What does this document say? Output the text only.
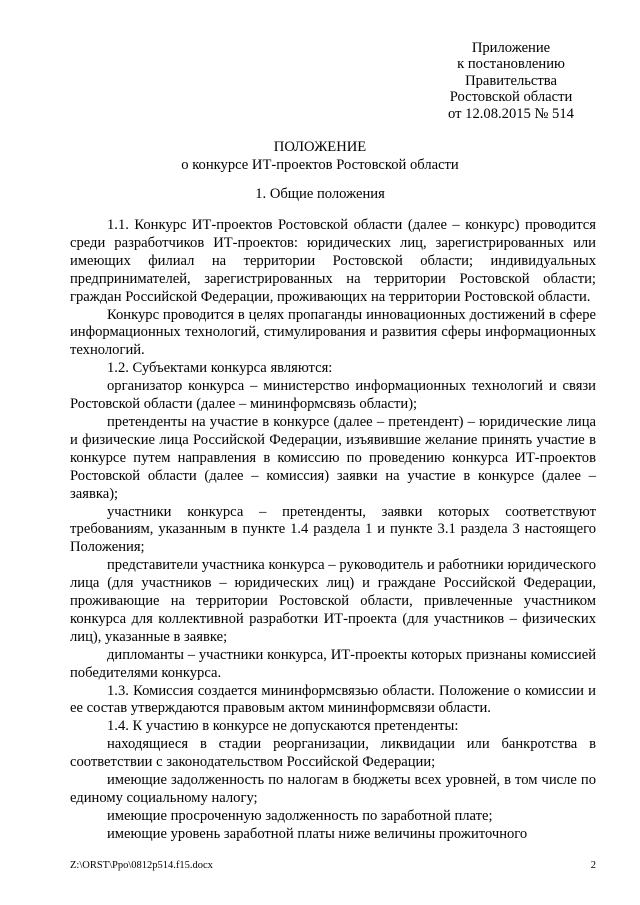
Приложение
к постановлению
Правительства
Ростовской области
от 12.08.2015 № 514
ПОЛОЖЕНИЕ
о конкурсе ИТ-проектов Ростовской области
1. Общие положения

1.1. Конкурс ИТ-проектов Ростовской области (далее – конкурс) проводится среди разработчиков ИТ-проектов: юридических лиц, зарегистрированных или имеющих филиал на территории Ростовской области; индивидуальных предпринимателей, зарегистрированных на территории Ростовской области; граждан Российской Федерации, проживающих на территории Ростовской области.

Конкурс проводится в целях пропаганды инновационных достижений в сфере информационных технологий, стимулирования и развития сферы информационных технологий.

1.2. Субъектами конкурса являются:

организатор конкурса – министерство информационных технологий и связи Ростовской области (далее – мининформсвязь области);

претенденты на участие в конкурсе (далее – претендент) – юридические лица и физические лица Российской Федерации, изъявившие желание принять участие в конкурсе путем направления в комиссию по проведению конкурса ИТ-проектов Ростовской области (далее – комиссия) заявки на участие в конкурсе (далее – заявка);

участники конкурса – претенденты, заявки которых соответствуют требованиям, указанным в пункте 1.4 раздела 1 и пункте 3.1 раздела 3 настоящего Положения;

представители участника конкурса – руководитель и работники юридического лица (для участников – юридических лиц) и граждане Российской Федерации, проживающие на территории Ростовской области, привлеченные участником конкурса для коллективной разработки ИТ-проекта (для участников – физических лиц), указанные в заявке;

дипломанты – участники конкурса, ИТ-проекты которых признаны комиссией победителями конкурса.

1.3. Комиссия создается мининформсвязью области. Положение о комиссии и ее состав утверждаются правовым актом мининформсвязи области.

1.4. К участию в конкурсе не допускаются претенденты:

находящиеся в стадии реорганизации, ликвидации или банкротства в соответствии с законодательством Российской Федерации;

имеющие задолженность по налогам в бюджеты всех уровней, в том числе по единому социальному налогу;

имеющие просроченную задолженность по заработной плате;

имеющие уровень заработной платы ниже величины прожиточного

Z:\ORST\Ppo\0812p514.f15.docx	2
